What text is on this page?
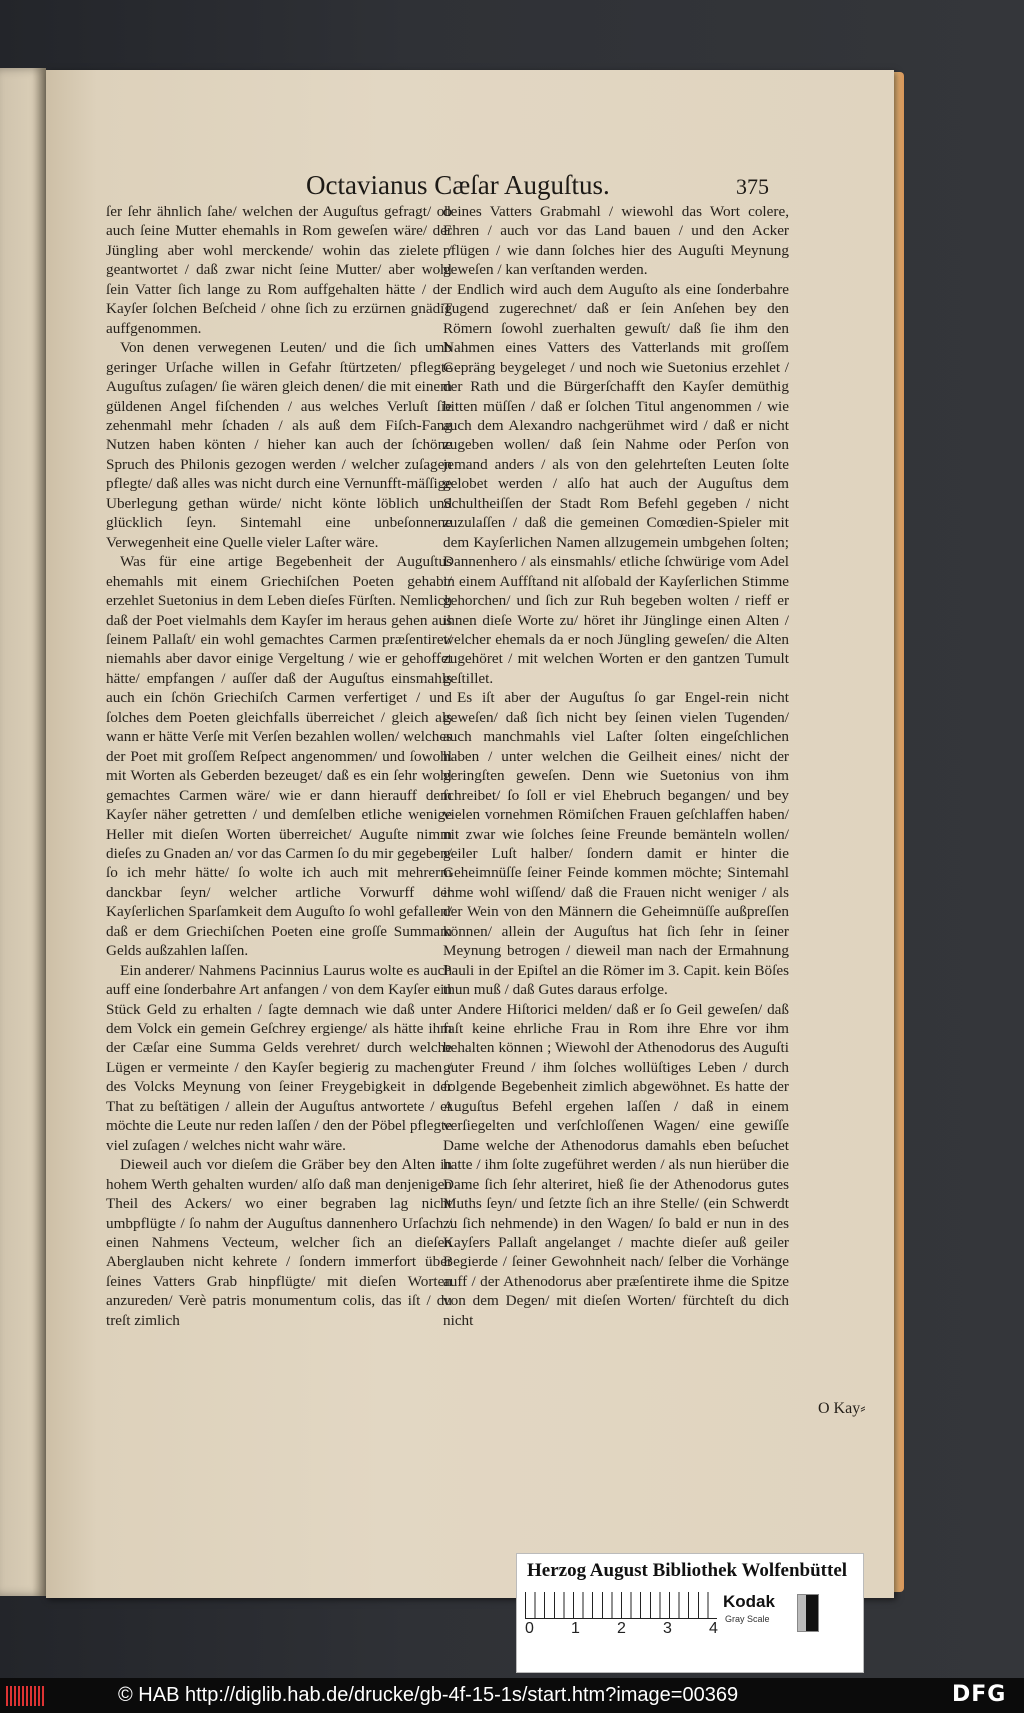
Octavianus Cæſar Auguſtus.	375

ſer ſehr ähnlich ſahe/ welchen der Auguſtus gefragt/ ob auch ſeine Mutter ehemahls in Rom geweſen wäre/ der Jüngling aber wohl merckende/ wohin das zielete / geantwortet / daß zwar nicht ſeine Mutter/ aber wohl ſein Vatter ſich lange zu Rom auffgehalten hätte / der Kayſer ſolchen Beſcheid / ohne ſich zu erzürnen gnädig auffgenommen.

Von denen verwegenen Leuten/ und die ſich umb geringer Urſache willen in Gefahr ſtürtzeten/ pflegte Auguſtus zuſagen/ ſie wären gleich denen/ die mit einem güldenen Angel fiſchenden / aus welches Verluſt ſie zehenmahl mehr ſchaden / als auß dem Fiſch-Fang Nutzen haben könten / hieher kan auch der ſchöne Spruch des Philonis gezogen werden / welcher zuſagen pflegte/ daß alles was nicht durch eine Vernunfft-mäſſige Uberlegung gethan würde/ nicht könte löblich und glücklich ſeyn. Sintemahl eine unbeſonnene Verwegenheit eine Quelle vieler Laſter wäre.

Was für eine artige Begebenheit der Auguſtus ehemahls mit einem Griechiſchen Poeten gehabt/ erzehlet Suetonius in dem Leben dieſes Fürſten. Nemlich daß der Poet vielmahls dem Kayſer im heraus gehen aus ſeinem Pallaſt/ ein wohl gemachtes Carmen præſentiret/ niemahls aber davor einige Vergeltung / wie er gehoffet hätte/ empfangen / auſſer daß der Auguſtus einsmahls auch ein ſchön Griechiſch Carmen verfertiget / und ſolches dem Poeten gleichfalls überreichet / gleich als wann er hätte Verſe mit Verſen bezahlen wollen/ welches der Poet mit groſſem Reſpect angenommen/ und ſowohl mit Worten als Geberden bezeuget/ daß es ein ſehr wohl gemachtes Carmen wäre/ wie er dann hierauff dem Kayſer näher getretten / und demſelben etliche wenige Heller mit dieſen Worten überreichet/ Auguſte nimm dieſes zu Gnaden an/ vor das Carmen ſo du mir gegeben/ ſo ich mehr hätte/ ſo wolte ich auch mit mehrerm danckbar ſeyn/ welcher artliche Vorwurff der Kayſerlichen Sparſamkeit dem Auguſto ſo wohl gefallen/ daß er dem Griechiſchen Poeten eine groſſe Summam Gelds außzahlen laſſen.

Ein anderer/ Nahmens Pacinnius Laurus wolte es auch auff eine ſonderbahre Art anfangen / von dem Kayſer ein Stück Geld zu erhalten / ſagte demnach wie daß unter dem Volck ein gemein Geſchrey ergienge/ als hätte ihm der Cæſar eine Summa Gelds verehret/ durch welche Lügen er vermeinte / den Kayſer begierig zu machen / des Volcks Meynung von ſeiner Freygebigkeit in der That zu beſtätigen / allein der Auguſtus antwortete / er möchte die Leute nur reden laſſen / den der Pöbel pflegte viel zuſagen / welches nicht wahr wäre.

Dieweil auch vor dieſem die Gräber bey den Alten in hohem Werth gehalten wurden/ alſo daß man denjenigen Theil des Ackers/ wo einer begraben lag nicht umbpflügte / ſo nahm der Auguſtus dannenhero Urſach / einen Nahmens Vecteum, welcher ſich an dieſen Aberglauben nicht kehrete / ſondern immerfort über ſeines Vatters Grab hinpflügte/ mit dieſen Worten anzureden/ Verè patris monumentum colis, das iſt / du treſt zimlich

deines Vatters Grabmahl / wiewohl das Wort colere, Ehren / auch vor das Land bauen / und den Acker pflügen / wie dann ſolches hier des Auguſti Meynung geweſen / kan verſtanden werden.

Endlich wird auch dem Auguſto als eine ſonderbahre Tugend zugerechnet/ daß er ſein Anſehen bey den Römern ſowohl zuerhalten gewuſt/ daß ſie ihm den Nahmen eines Vatters des Vatterlands mit groſſem Gepräng beygeleget / und noch wie Suetonius erzehlet / der Rath und die Bürgerſchafft den Kayſer demüthig bitten müſſen / daß er ſolchen Titul angenommen / wie auch dem Alexandro nachgerühmet wird / daß er nicht zugeben wollen/ daß ſein Nahme oder Perſon von jemand anders / als von den gelehrteſten Leuten ſolte gelobet werden / alſo hat auch der Auguſtus dem Schultheiſſen der Stadt Rom Befehl gegeben / nicht zuzulaſſen / daß die gemeinen Comœdien-Spieler mit dem Kayſerlichen Namen allzugemein umbgehen ſolten; Dannenhero / als einsmahls/ etliche ſchwürige vom Adel in einem Auffſtand nit alſobald der Kayſerlichen Stimme gehorchen/ und ſich zur Ruh begeben wolten / rieff er ihnen dieſe Worte zu/ höret ihr Jünglinge einen Alten / welcher ehemals da er noch Jüngling geweſen/ die Alten zugehöret / mit welchen Worten er den gantzen Tumult geſtillet.

Es iſt aber der Auguſtus ſo gar Engel-rein nicht geweſen/ daß ſich nicht bey ſeinen vielen Tugenden/ auch manchmahls viel Laſter ſolten eingeſchlichen haben / unter welchen die Geilheit eines/ nicht der geringſten geweſen. Denn wie Suetonius von ihm ſchreibet/ ſo ſoll er viel Ehebruch begangen/ und bey vielen vornehmen Römiſchen Frauen geſchlaffen haben/ nit zwar wie ſolches ſeine Freunde bemänteln wollen/ geiler Luſt halber/ ſondern damit er hinter die Geheimnüſſe ſeiner Feinde kommen möchte; Sintemahl ihme wohl wiſſend/ daß die Frauen nicht weniger / als der Wein von den Männern die Geheimnüſſe außpreſſen können/ allein der Auguſtus hat ſich ſehr in ſeiner Meynung betrogen / dieweil man nach der Ermahnung Pauli in der Epiſtel an die Römer im 3. Capit. kein Böſes thun muß / daß Gutes daraus erfolge.

Andere Hiſtorici melden/ daß er ſo Geil geweſen/ daß faſt keine ehrliche Frau in Rom ihre Ehre vor ihm behalten können ; Wiewohl der Athenodorus des Auguſti guter Freund / ihm ſolches wollüſtiges Leben / durch folgende Begebenheit zimlich abgewöhnet. Es hatte der Auguſtus Befehl ergehen laſſen / daß in einem verſiegelten und verſchloſſenen Wagen/ eine gewiſſe Dame welche der Athenodorus damahls eben beſuchet hatte / ihm ſolte zugeführet werden / als nun hierüber die Dame ſich ſehr alteriret, hieß ſie der Athenodorus gutes Muths ſeyn/ und ſetzte ſich an ihre Stelle/ (ein Schwerdt zu ſich nehmende) in den Wagen/ ſo bald er nun in des Kayſers Pallaſt angelanget / machte dieſer auß geiler Begierde / ſeiner Gewohnheit nach/ ſelber die Vorhänge auff / der Athenodorus aber præſentirete ihme die Spitze von dem Degen/ mit dieſen Worten/ fürchteſt du dich nicht

O Kay⸗
Herzog August Bibliothek Wolfenbüttel
0 1 2 3 4
Kodak
Gray Scale
© HAB http://diglib.hab.de/drucke/gb-4f-15-1s/start.htm?image=00369	DFG
